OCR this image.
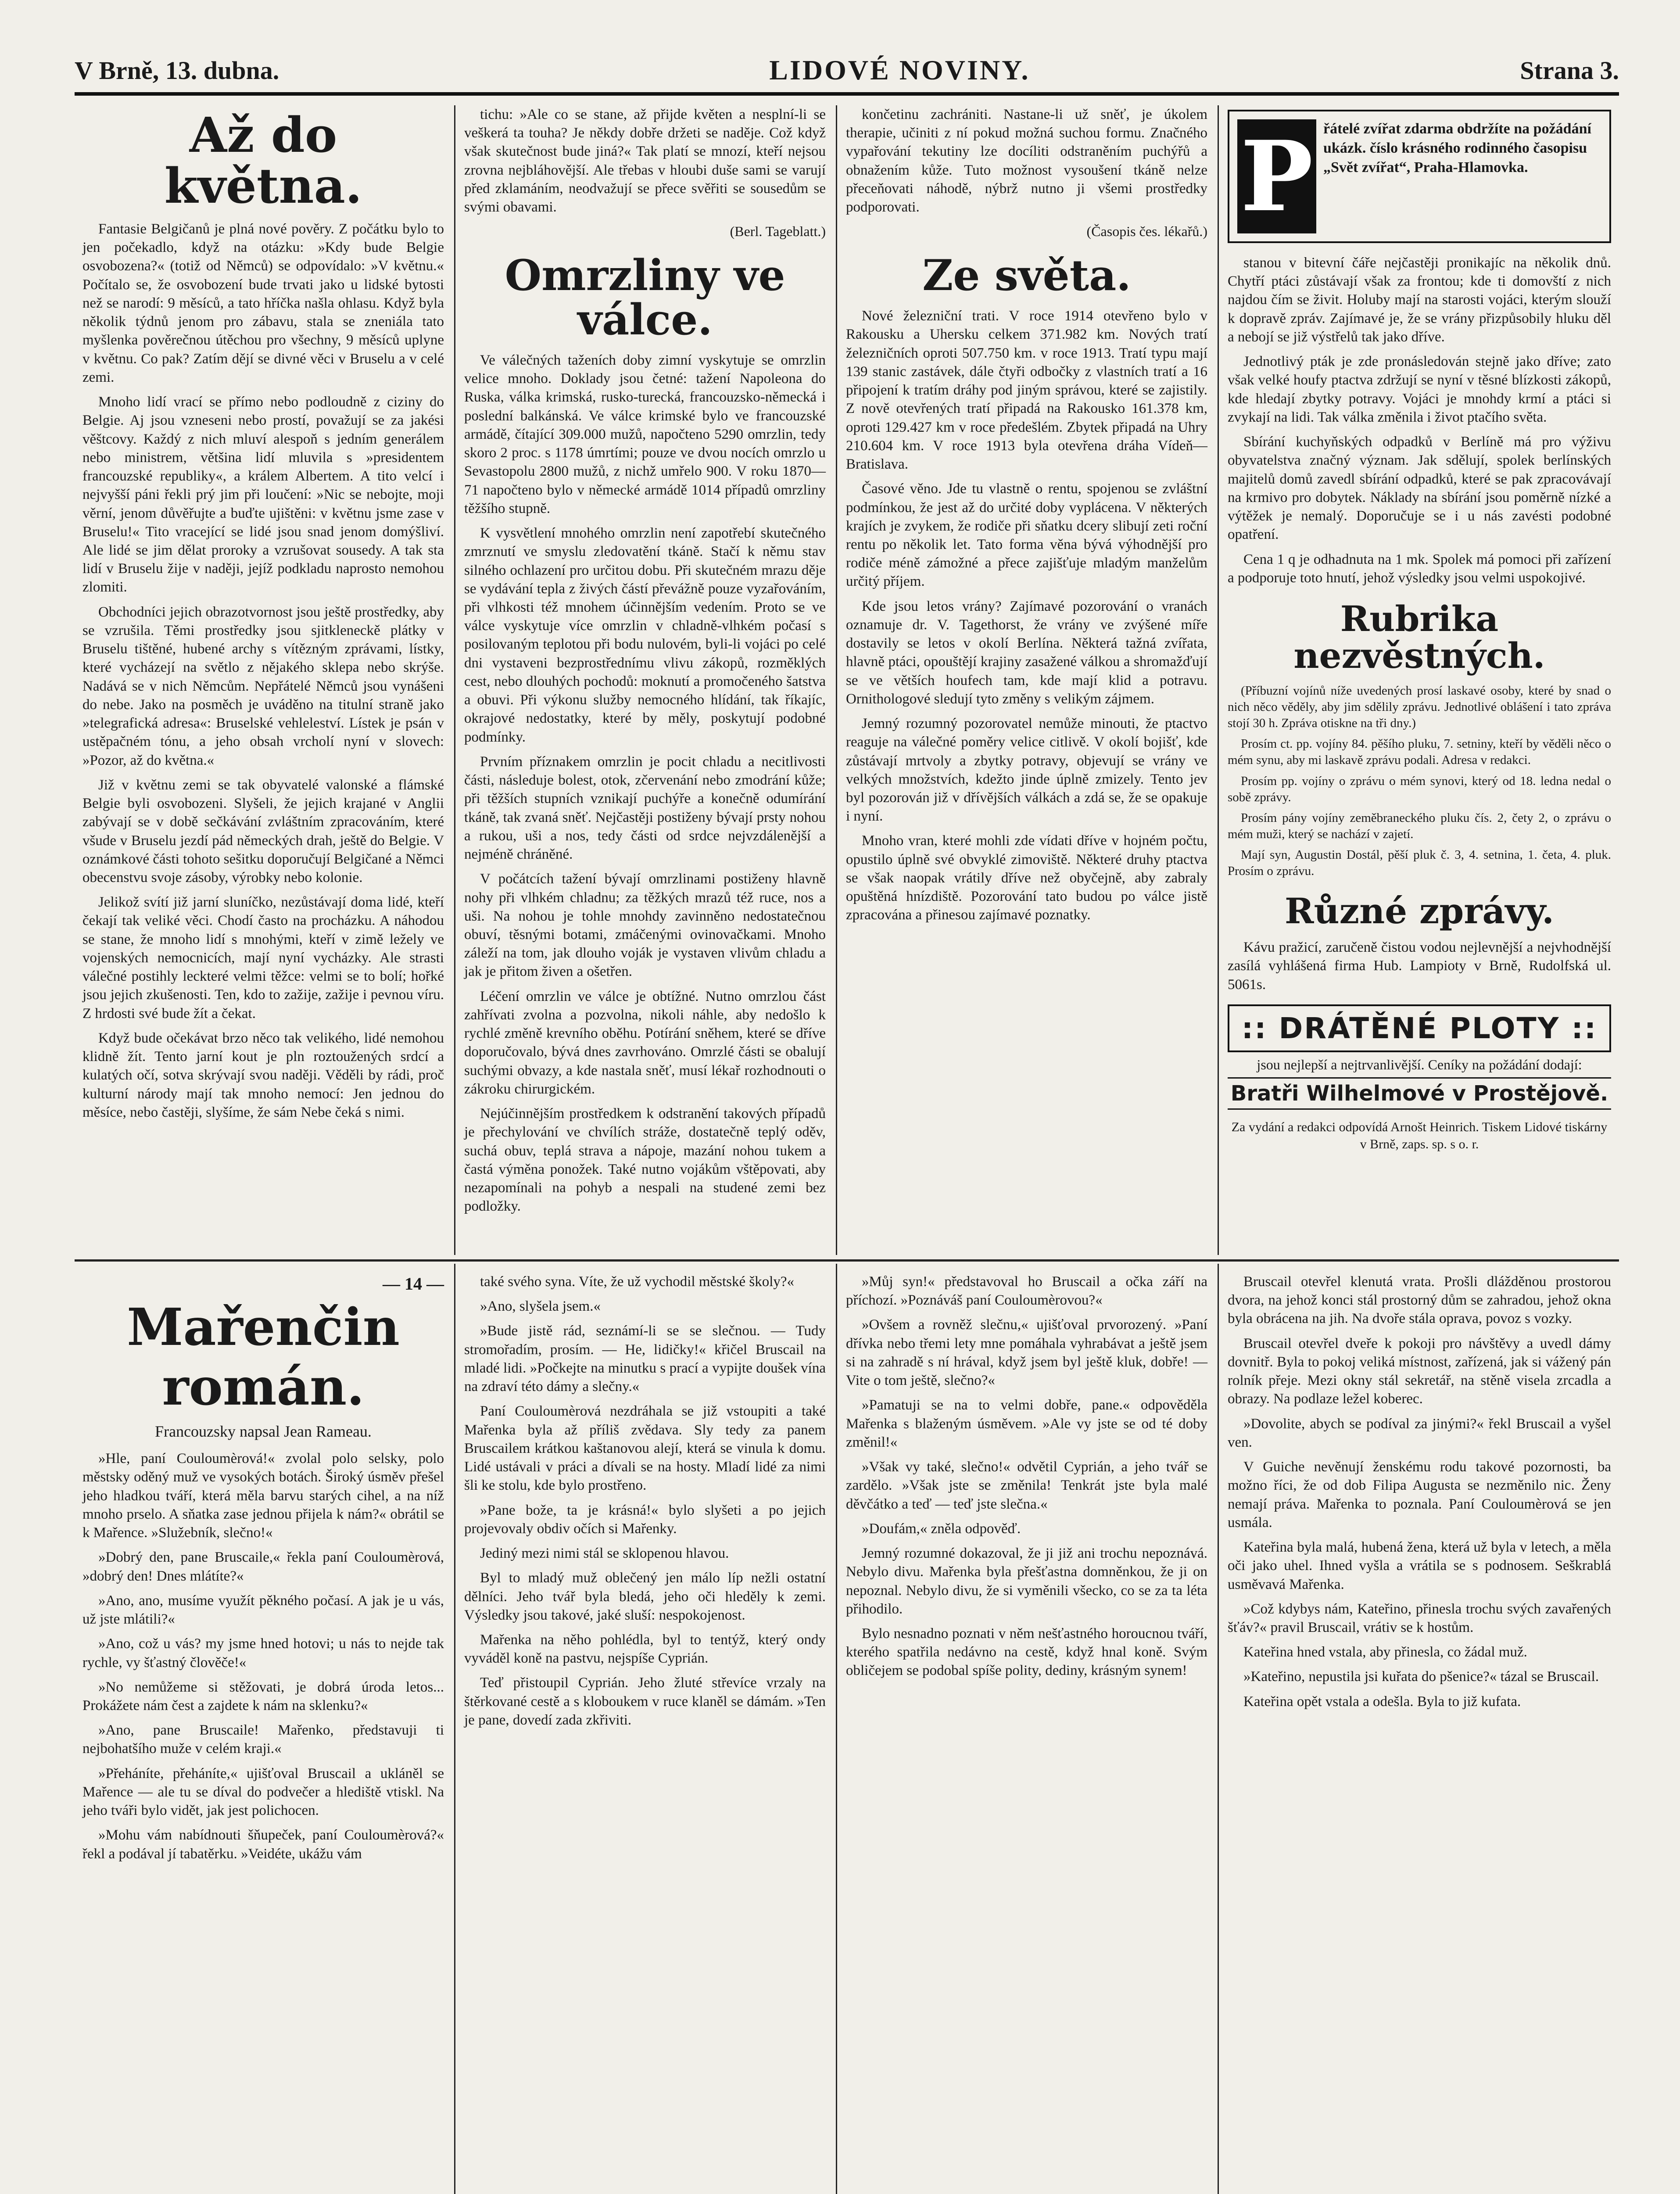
V Brně, 13. dubna.	LIDOVÉ NOVINY.	Strana 3.
Až do května.

Fantasie Belgičanů je plná nové pověry. Z počátku bylo to jen počekadlo, když na otázku: »Kdy bude Belgie osvobozena?« (totiž od Němců) se odpovídalo: »V květnu.« Počítalo se, že osvobození bude trvati jako u lidské bytosti než se narodí: 9 měsíců, a tato hříčka našla ohlasu. Když byla několik týdnů jenom pro zábavu, stala se zneniála tato myšlenka pověrečnou útěchou pro všechny, 9 měsíců uplyne v květnu. Co pak? Zatím dějí se divné věci v Bruselu a v celé zemi.

Mnoho lidí vrací se přímo nebo podloudně z ciziny do Belgie. Aj jsou vzneseni nebo prostí, považují se za jakési věštcovy. Každý z nich mluví alespoň s jedním generálem nebo ministrem, většina lidí mluvila s »presidentem francouzské republiky«, a králem Albertem. A tito velcí i nejvyšší páni řekli prý jim při loučení: »Nic se nebojte, moji věrní, jenom důvěřujte a buďte ujištěni: v květnu jsme zase v Bruselu!« Tito vracející se lidé jsou snad jenom domýšliví. Ale lidé se jim dělat proroky a vzrušovat sousedy. A tak sta lidí v Bruselu žije v naději, jejíž podkladu naprosto nemohou zlomiti.

Obchodníci jejich obrazotvornost jsou ještě prostředky, aby se vzrušila. Těmi prostředky jsou sjitkleneckě plátky v Bruselu tištěné, hubené archy s vítězným zprávami, lístky, které vycházejí na světlo z nějakého sklepa nebo skrýše. Nadává se v nich Němcům. Nepřátelé Němců jsou vynášeni do nebe. Jako na posměch je uváděno na titulní straně jako »telegrafická adresa«: Bruselské vehleleství. Lístek je psán v ustěpačném tónu, a jeho obsah vrcholí nyní v slovech: »Pozor, až do května.«

Již v květnu zemi se tak obyvatelé valonské a flámské Belgie byli osvobozeni. Slyšeli, že jejich krajané v Anglii zabývají se v době sečkávání zvláštním zpracováním, které všude v Bruselu jezdí pád německých drah, ještě do Belgie. V oznámkové části tohoto sešitku doporučují Belgičané a Němci obecenstvu svoje zásoby, výrobky nebo kolonie.

Jelikož svítí již jarní sluníčko, nezůstávají doma lidé, kteří čekají tak veliké věci. Chodí často na procházku. A náhodou se stane, že mnoho lidí s mnohými, kteří v zimě ležely ve vojenských nemocnicích, mají nyní vycházky. Ale strasti válečné postihly leckteré velmi těžce: velmi se to bolí; hořké jsou jejich zkušenosti. Ten, kdo to zažije, zažije i pevnou víru. Z hrdosti své bude žít a čekat.

Když bude očekávat brzo něco tak velikého, lidé nemohou klidně žít. Tento jarní kout je pln roztoužených srdcí a kulatých očí, sotva skrývají svou naději. Věděli by rádi, proč kulturní národy mají tak mnoho nemocí: Jen jednou do měsíce, nebo častěji, slyšíme, že sám Nebe čeká s nimi.

tichu: »Ale co se stane, až přijde květen a nesplní-li se veškerá ta touha? Je někdy dobře držeti se naděje. Což když však skutečnost bude jiná?« Tak platí se mnozí, kteří nejsou zrovna nejbláhovější. Ale třebas v hloubi duše sami se varují před zklamáním, neodvažují se přece svěřiti se sousedům se svými obavami.

(Berl. Tageblatt.)

Omrzliny ve válce.

Ve válečných taženích doby zimní vyskytuje se omrzlin velice mnoho. Doklady jsou četné: tažení Napoleona do Ruska, válka krimská, rusko-turecká, francouzsko-německá i poslední balkánská. Ve válce krimské bylo ve francouzské armádě, čítající 309.000 mužů, napočteno 5290 omrzlin, tedy skoro 2 proc. s 1178 úmrtími; pouze ve dvou nocích omrzlo u Sevastopolu 2800 mužů, z nichž umřelo 900. V roku 1870—71 napočteno bylo v německé armádě 1014 případů omrzliny těžšího stupně.

K vysvětlení mnohého omrzlin není zapotřebí skutečného zmrznutí ve smyslu zledovatění tkáně. Stačí k němu stav silného ochlazení pro určitou dobu. Při skutečném mrazu děje se vydávání tepla z živých částí převážně pouze vyzařováním, při vlhkosti též mnohem účinnějším vedením. Proto se ve válce vyskytuje více omrzlin v chladně-vlhkém počasí s posilovaným teplotou při bodu nulovém, byli-li vojáci po celé dni vystaveni bezprostřednímu vlivu zákopů, rozměklých cest, nebo dlouhých pochodů: moknutí a promočeného šatstva a obuvi. Při výkonu služby nemocného hlídání, tak říkajíc, okrajové nedostatky, které by měly, poskytují podobné podmínky.

Prvním příznakem omrzlin je pocit chladu a necitlivosti části, následuje bolest, otok, zčervenání nebo zmodrání kůže; při těžších stupních vznikají puchýře a konečně odumírání tkáně, tak zvaná sněť. Nejčastěji postiženy bývají prsty nohou a rukou, uši a nos, tedy části od srdce nejvzdálenější a nejméně chráněné.

V počátcích tažení bývají omrzlinami postiženy hlavně nohy při vlhkém chladnu; za těžkých mrazů též ruce, nos a uši. Na nohou je tohle mnohdy zavinněno nedostatečnou obuví, těsnými botami, zmáčenými ovinovačkami. Mnoho záleží na tom, jak dlouho voják je vystaven vlivům chladu a jak je přitom živen a ošetřen.

Léčení omrzlin ve válce je obtížné. Nutno omrzlou část zahřívati zvolna a pozvolna, nikoli náhle, aby nedošlo k rychlé změně krevního oběhu. Potírání sněhem, které se dříve doporučovalo, bývá dnes zavrhováno. Omrzlé části se obalují suchými obvazy, a kde nastala sněť, musí lékař rozhodnouti o zákroku chirurgickém.

Nejúčinnějším prostředkem k odstranění takových případů je přechylování ve chvílích stráže, dostatečně teplý oděv, suchá obuv, teplá strava a nápoje, mazání nohou tukem a častá výměna ponožek. Také nutno vojákům vštěpovati, aby nezapomínali na pohyb a nespali na studené zemi bez podložky.

končetinu zachrániti. Nastane-li už sněť, je úkolem therapie, učiniti z ní pokud možná suchou formu. Značného vypařování tekutiny lze docíliti odstraněním puchýřů a obnažením kůže. Tuto možnost vysoušení tkáně nelze přeceňovati náhodě, nýbrž nutno ji všemi prostředky podporovati.

(Časopis čes. lékařů.)

Ze světa.

Nové železniční trati. V roce 1914 otevřeno bylo v Rakousku a Uhersku celkem 371.982 km. Nových tratí železničních oproti 507.750 km. v roce 1913. Tratí typu mají 139 stanic zastávek, dále čtyři odbočky z vlastních tratí a 16 připojení k tratím dráhy pod jiným správou, které se zajistily. Z nově otevřených tratí připadá na Rakousko 161.378 km, oproti 129.427 km v roce předešlém. Zbytek připadá na Uhry 210.604 km. V roce 1913 byla otevřena dráha Vídeň—Bratislava.

Časové věno. Jde tu vlastně o rentu, spojenou se zvláštní podmínkou, že jest až do určité doby vyplácena. V některých krajích je zvykem, že rodiče při sňatku dcery slibují zeti roční rentu po několik let. Tato forma věna bývá výhodnější pro rodiče méně zámožné a přece zajišťuje mladým manželům určitý příjem.

Kde jsou letos vrány? Zajímavé pozorování o vranách oznamuje dr. V. Tagethorst, že vrány ve zvýšené míře dostavily se letos v okolí Berlína. Některá tažná zvířata, hlavně ptáci, opouštějí krajiny zasažené válkou a shromažďují se ve větších houfech tam, kde mají klid a potravu. Ornithologové sledují tyto změny s velikým zájmem.

Jemný rozumný pozorovatel nemůže minouti, že ptactvo reaguje na válečné poměry velice citlivě. V okolí bojišť, kde zůstávají mrtvoly a zbytky potravy, objevují se vrány ve velkých množstvích, kdežto jinde úplně zmizely. Tento jev byl pozorován již v dřívějších válkách a zdá se, že se opakuje i nyní.

Mnoho vran, které mohli zde vídati dříve v hojném počtu, opustilo úplně své obvyklé zimoviště. Některé druhy ptactva se však naopak vrátily dříve než obyčejně, aby zabraly opuštěná hnízdiště. Pozorování tato budou po válce jistě zpracována a přinesou zajímavé poznatky.

P řátelé zvířat zdarma obdržíte na požádání ukázk. číslo krásného rodinného časopisu „Svět zvířat“, Praha-Hlamovka.

stanou v bitevní čáře nejčastěji pronikajíc na několik dnů. Chytří ptáci zůstávají však za frontou; kde ti domovští z nich najdou čím se živit. Holuby mají na starosti vojáci, kterým slouží k dopravě zpráv. Zajímavé je, že se vrány přizpůsobily hluku děl a nebojí se již výstřelů tak jako dříve.

Jednotlivý pták je zde pronásledován stejně jako dříve; zato však velké houfy ptactva zdržují se nyní v těsné blízkosti zákopů, kde hledají zbytky potravy. Vojáci je mnohdy krmí a ptáci si zvykají na lidi. Tak válka změnila i život ptačího světa.

Sbírání kuchyňských odpadků v Berlíně má pro výživu obyvatelstva značný význam. Jak sdělují, spolek berlínských majitelů domů zavedl sbírání odpadků, které se pak zpracovávají na krmivo pro dobytek. Náklady na sbírání jsou poměrně nízké a výtěžek je nemalý. Doporučuje se i u nás zavésti podobné opatření.

Cena 1 q je odhadnuta na 1 mk. Spolek má pomoci při zařízení a podporuje toto hnutí, jehož výsledky jsou velmi uspokojivé.

Rubrika nezvěstných.

(Příbuzní vojínů níže uvedených prosí laskavé osoby, které by snad o nich něco věděly, aby jim sdělily zprávu. Jednotlivé oblášení i tato zpráva stojí 30 h. Zpráva otiskne na tři dny.)

Prosím ct. pp. vojíny 84. pěšího pluku, 7. setniny, kteří by věděli něco o mém synu, aby mi laskavě zprávu podali. Adresa v redakci.

Prosím pp. vojíny o zprávu o mém synovi, který od 18. ledna nedal o sobě zprávy.

Prosím pány vojíny zeměbraneckého pluku čís. 2, čety 2, o zprávu o mém muži, který se nachází v zajetí.

Mají syn, Augustin Dostál, pěší pluk č. 3, 4. setnina, 1. četa, 4. pluk. Prosím o zprávu.

Různé zprávy.

Kávu pražicí, zaručeně čistou vodou nejlevnější a nejvhodnější zasílá vyhlášená firma Hub. Lampioty v Brně, Rudolfská ul. 5061s.

:: DRÁTĚNÉ PLOTY ::
jsou nejlepší a nejtrvanlivější. Ceníky na požádání dodají:
Bratři Wilhelmové v Prostějově.
Za vydání a redakci odpovídá Arnošt Heinrich. Tiskem Lidové tiskárny v Brně, zaps. sp. s o. r.

— 14 —

Mařenčin román.
Francouzsky napsal Jean Rameau.

»Hle, paní Couloumèrová!« zvolal polo selsky, polo městsky oděný muž ve vysokých botách. Široký úsměv přešel jeho hladkou tváří, která měla barvu starých cihel, a na níž mnoho prselo. A sňatka zase jednou přijela k nám?« obrátil se k Mařence. »Služebník, slečno!«

»Dobrý den, pane Bruscaile,« řekla paní Couloumèrová, »dobrý den! Dnes mlátíte?«

»Ano, ano, musíme využít pěkného počasí. A jak je u vás, už jste mlátili?«

»Ano, což u vás? my jsme hned hotovi; u nás to nejde tak rychle, vy šťastný člověče!«

»No nemůžeme si stěžovati, je dobrá úroda letos... Prokážete nám čest a zajdete k nám na sklenku?«

»Ano, pane Bruscaile! Mařenko, představuji ti nejbohatšího muže v celém kraji.«

»Přeháníte, přeháníte,« ujišťoval Bruscail a ukláněl se Mařence — ale tu se díval do podvečer a hlediště vtiskl. Na jeho tváři bylo vidět, jak jest polichocen.

»Mohu vám nabídnouti šňupeček, paní Couloumèrová?« řekl a podával jí tabatěrku. »Veidéte, ukážu vám

také svého syna. Víte, že už vychodil městské školy?«

»Ano, slyšela jsem.«

»Bude jistě rád, seznámí-li se se slečnou. — Tudy stromořadím, prosím. — He, lidičky!« křičel Bruscail na mladé lidi. »Počkejte na minutku s prací a vypijte doušek vína na zdraví této dámy a slečny.«

Paní Couloumèrová nezdráhala se již vstoupiti a také Mařenka byla až příliš zvědava. Sly tedy za panem Bruscailem krátkou kaštanovou alejí, která se vinula k domu. Lidé ustávali v práci a dívali se na hosty. Mladí lidé za nimi šli ke stolu, kde bylo prostřeno.

»Pane bože, ta je krásná!« bylo slyšeti a po jejich projevovaly obdiv očích si Mařenky.

Jediný mezi nimi stál se sklopenou hlavou.

Byl to mladý muž oblečený jen málo líp nežli ostatní dělníci. Jeho tvář byla bledá, jeho oči hleděly k zemi. Výsledky jsou takové, jaké sluší: nespokojenost.

Mařenka na něho pohlédla, byl to tentýž, který ondy vyváděl koně na pastvu, nejspíše Cyprián.

Teď přistoupil Cyprián. Jeho žluté střevíce vrzaly na štěrkované cestě a s kloboukem v ruce klaněl se dámám. »Ten je pane, dovedí zada zkřiviti.

»Můj syn!« představoval ho Bruscail a očka září na příchozí. »Poznáváš paní Couloumèrovou?«

»Ovšem a rovněž slečnu,« ujišťoval prvorozený. »Paní dřívka nebo třemi lety mne pomáhala vyhrabávat a ještě jsem si na zahradě s ní hrával, když jsem byl ještě kluk, dobře! — Vite o tom ještě, slečno?«

»Pamatuji se na to velmi dobře, pane.« odpověděla Mařenka s blaženým úsměvem. »Ale vy jste se od té doby změnil!«

»Však vy také, slečno!« odvětil Cyprián, a jeho tvář se zardělo. »Však jste se změnila! Tenkrát jste byla malé děvčátko a teď — teď jste slečna.«

»Doufám,« zněla odpověď.

Jemný rozumné dokazoval, že ji již ani trochu nepoznává. Nebylo divu. Mařenka byla přešťastna domněnkou, že ji on nepoznal. Nebylo divu, že si vyměnili všecko, co se za ta léta přihodilo.

Bylo nesnadno poznati v něm nešťastného horoucnou tváří, kterého spatřila nedávno na cestě, když hnal koně. Svým obličejem se podobal spíše polity, dediny, krásným synem!

Bruscail otevřel klenutá vrata. Prošli dlážděnou prostorou dvora, na jehož konci stál prostorný dům se zahradou, jehož okna byla obrácena na jih. Na dvoře stála oprava, povoz s vozky.

Bruscail otevřel dveře k pokoji pro návštěvy a uvedl dámy dovnitř. Byla to pokoj veliká místnost, zařízená, jak si vážený pán rolník přeje. Mezi okny stál sekretář, na stěně visela zrcadla a obrazy. Na podlaze ležel koberec.

»Dovolite, abych se podíval za jinými?« řekl Bruscail a vyšel ven.

V Guiche nevěnují ženskému rodu takové pozornosti, ba možno říci, že od dob Filipa Augusta se nezměnilo nic. Ženy nemají práva. Mařenka to poznala. Paní Couloumèrová se jen usmála.

Kateřina byla malá, hubená žena, která už byla v letech, a měla oči jako uhel. Ihned vyšla a vrátila se s podnosem. Seškrablá usměvavá Mařenka.

»Což kdybys nám, Kateřino, přinesla trochu svých zavařených šťáv?« pravil Bruscail, vrátiv se k hostům.

Kateřina hned vstala, aby přinesla, co žádal muž.

»Kateřino, nepustila jsi kuřata do pšenice?« tázal se Bruscail.

Kateřina opět vstala a odešla. Byla to již kufata.
